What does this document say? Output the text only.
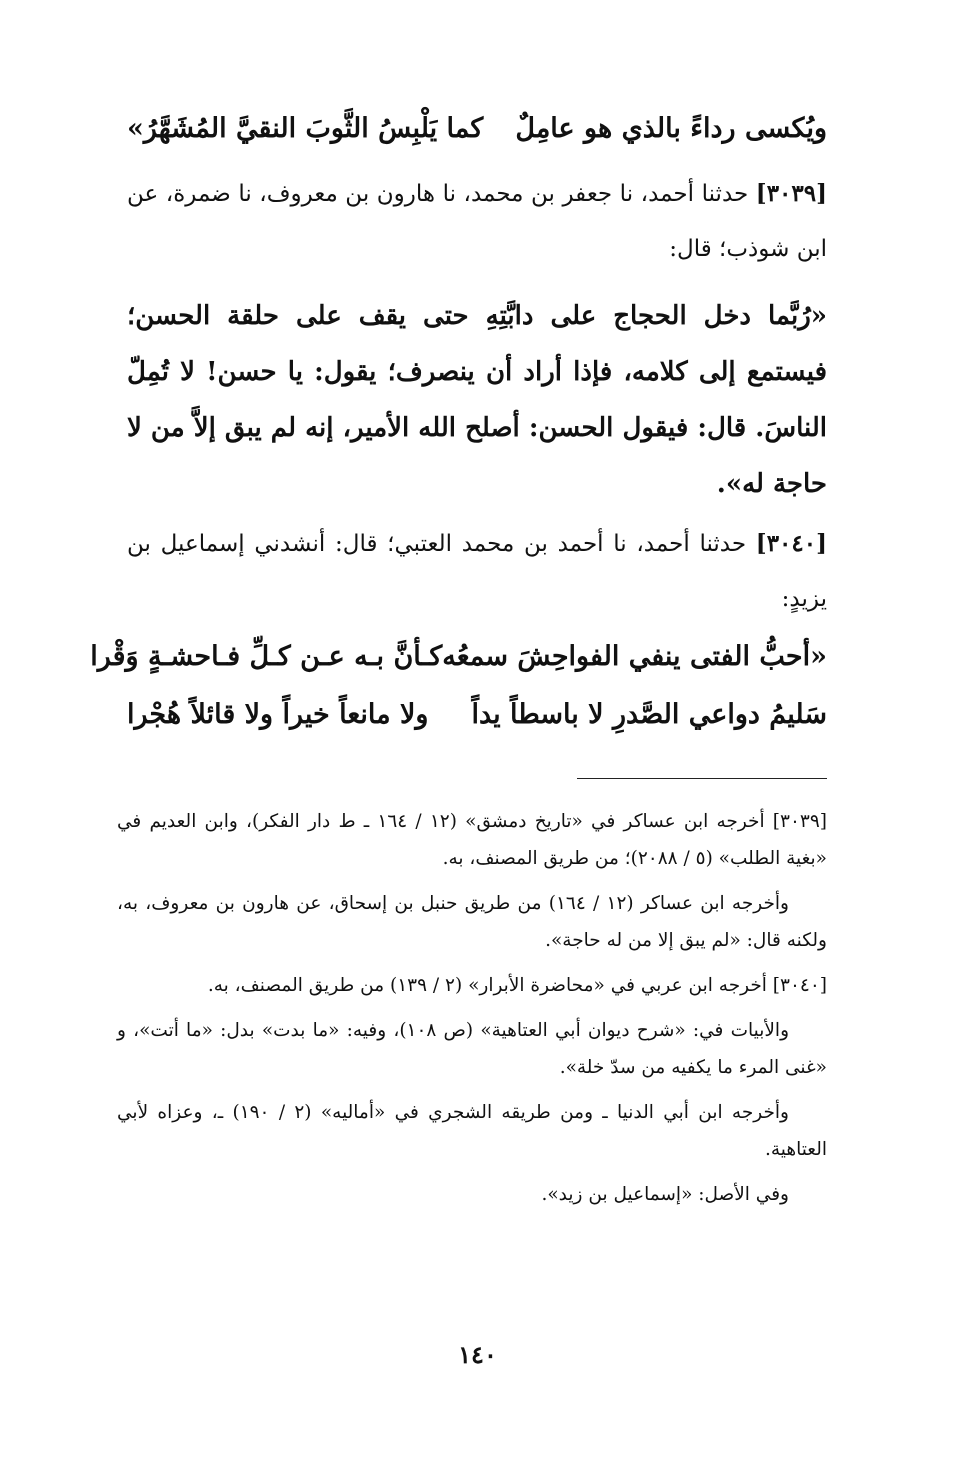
ويُكسى رداءً بالذي هو عامِلٌ
كما يَلْبِسُ الثَّوبَ النقيَّ المُشَهَّرُ»
[٣٠٣٩] حدثنا أحمد، نا جعفر بن محمد، نا هارون بن معروف، نا ضمرة، عن ابن شوذب؛ قال:
«رُبَّما دخل الحجاج على دابَّتِهِ حتى يقف على حلقة الحسن؛ فيستمع إلى كلامه، فإذا أراد أن ينصرف؛ يقول: يا حسن! لا تُمِلّ الناسَ. قال: فيقول الحسن: أصلح الله الأمير، إنه لم يبق إلاَّ من لا حاجة له».
[٣٠٤٠] حدثنا أحمد، نا أحمد بن محمد العتبي؛ قال: أنشدني إسماعيل بن يزيدٍ:
«أحبُّ الفتى ينفي الفواحِشَ سمعُه
كـأنَّ بـه عـن كـلِّ فـاحشـةٍ وَقْرا
سَليمُ دواعي الصَّدرِ لا باسطاً يداً
ولا مانعاً خيراً ولا قائلاً هُجْرا

[٣٠٣٩] أخرجه ابن عساكر في «تاريخ دمشق» (١٢ / ١٦٤ ـ ط دار الفكر)، وابن العديم في «بغية الطلب» (٥ / ٢٠٨٨)؛ من طريق المصنف، به.

وأخرجه ابن عساكر (١٢ / ١٦٤) من طريق حنبل بن إسحاق، عن هارون بن معروف، به، ولكنه قال: «لم يبق إلا من له حاجة».

[٣٠٤٠] أخرجه ابن عربي في «محاضرة الأبرار» (٢ / ١٣٩) من طريق المصنف، به.

والأبيات في: «شرح ديوان أبي العتاهية» (ص ١٠٨)، وفيه: «ما بدت» بدل: «ما أتت»، و «غنى المرء ما يكفيه من سدّ خلة».

وأخرجه ابن أبي الدنيا ـ ومن طريقه الشجري في «أماليه» (٢ / ١٩٠) ـ، وعزاه لأبي العتاهية.

وفي الأصل: «إسماعيل بن زيد».

١٤٠
